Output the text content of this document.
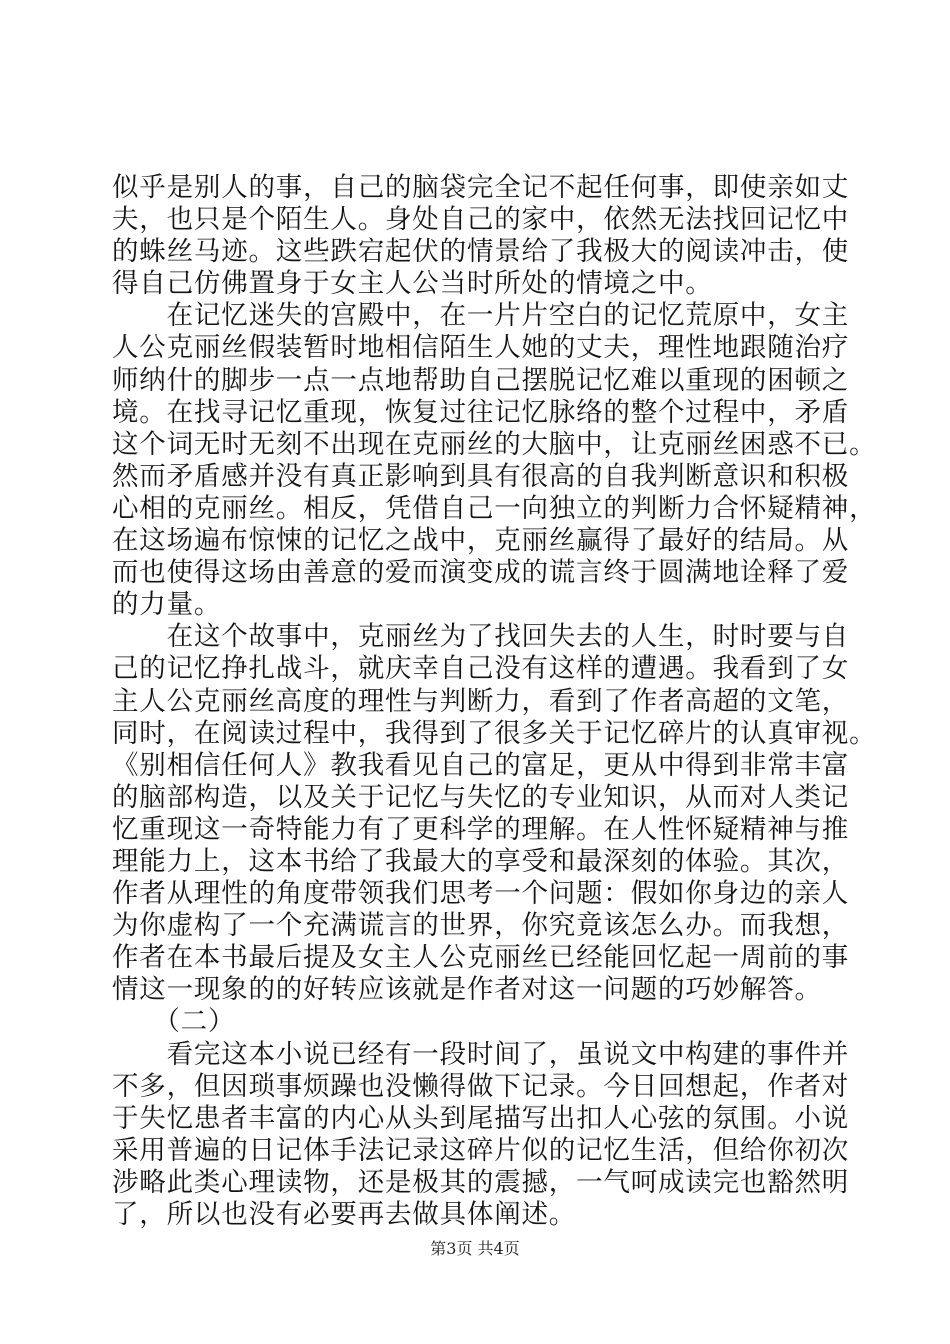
似乎是别人的事，自己的脑袋完全记不起任何事，即使亲如丈
夫，也只是个陌生人。身处自己的家中，依然无法找回记忆中
的蛛丝马迹。这些跌宕起伏的情景给了我极大的阅读冲击，使
得自己仿佛置身于女主人公当时所处的情境之中。
　　在记忆迷失的宫殿中，在一片片空白的记忆荒原中，女主
人公克丽丝假装暂时地相信陌生人她的丈夫，理性地跟随治疗
师纳什的脚步一点一点地帮助自己摆脱记忆难以重现的困顿之
境。在找寻记忆重现，恢复过往记忆脉络的整个过程中，矛盾
这个词无时无刻不出现在克丽丝的大脑中，让克丽丝困惑不已。
然而矛盾感并没有真正影响到具有很高的自我判断意识和积极
心相的克丽丝。相反，凭借自己一向独立的判断力合怀疑精神，
在这场遍布惊悚的记忆之战中，克丽丝赢得了最好的结局。从
而也使得这场由善意的爱而演变成的谎言终于圆满地诠释了爱
的力量。
　　在这个故事中，克丽丝为了找回失去的人生，时时要与自
己的记忆挣扎战斗，就庆幸自己没有这样的遭遇。我看到了女
主人公克丽丝高度的理性与判断力，看到了作者高超的文笔，
同时，在阅读过程中，我得到了很多关于记忆碎片的认真审视。
《别相信任何人》教我看见自己的富足，更从中得到非常丰富
的脑部构造，以及关于记忆与失忆的专业知识，从而对人类记
忆重现这一奇特能力有了更科学的理解。在人性怀疑精神与推
理能力上，这本书给了我最大的享受和最深刻的体验。其次，
作者从理性的角度带领我们思考一个问题：假如你身边的亲人
为你虚构了一个充满谎言的世界，你究竟该怎么办。而我想，
作者在本书最后提及女主人公克丽丝已经能回忆起一周前的事
情这一现象的的好转应该就是作者对这一问题的巧妙解答。
　　（二）
　　看完这本小说已经有一段时间了，虽说文中构建的事件并
不多，但因琐事烦躁也没懒得做下记录。今日回想起，作者对
于失忆患者丰富的内心从头到尾描写出扣人心弦的氛围。小说
采用普遍的日记体手法记录这碎片似的记忆生活，但给你初次
涉略此类心理读物，还是极其的震撼，一气呵成读完也豁然明
了，所以也没有必要再去做具体阐述。
第3页 共4页
